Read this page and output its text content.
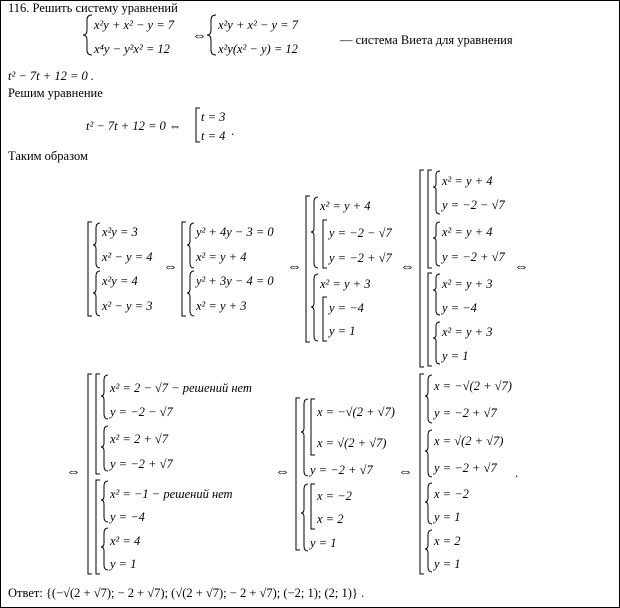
116. Решить систему уравнений
x²y + x² − y = 7
x⁴y − y²x² = 12
⇔
x²y + x² − y = 7
x²y(x² − y) = 12
— система Виета для уравнения
t² − 7t + 12 = 0 .
Решим уравнение
t² − 7t + 12 = 0 ⇔
t = 3
t = 4 .
Таким образом
x²y = 3
x² − y = 4
x²y = 4
x² − y = 3
⇔
y² + 4y − 3 = 0
x² = y + 4
y² + 3y − 4 = 0
x² = y + 3
⇔
x² = y + 4
y = −2 − √7
y = −2 + √7
x² = y + 3
y = −4
y = 1
⇔
x² = y + 4
y = −2 − √7
x² = y + 4
y = −2 + √7
x² = y + 3
y = −4
x² = y + 3
y = 1
⇔
⇔
x² = 2 − √7 − решений нет
y = −2 − √7
x² = 2 + √7
y = −2 + √7
x² = −1 − решений нет
y = −4
x² = 4
y = 1
⇔
x = −√(2 + √7)
x = √(2 + √7)
y = −2 + √7
x = −2
x = 2
y = 1
⇔
x = −√(2 + √7)
y = −2 + √7
x = √(2 + √7)
y = −2 + √7 .
x = −2
y = 1
x = 2
y = 1
Ответ: {(−√(2 + √7); − 2 + √7); (√(2 + √7); − 2 + √7); (−2; 1); (2; 1)} .
